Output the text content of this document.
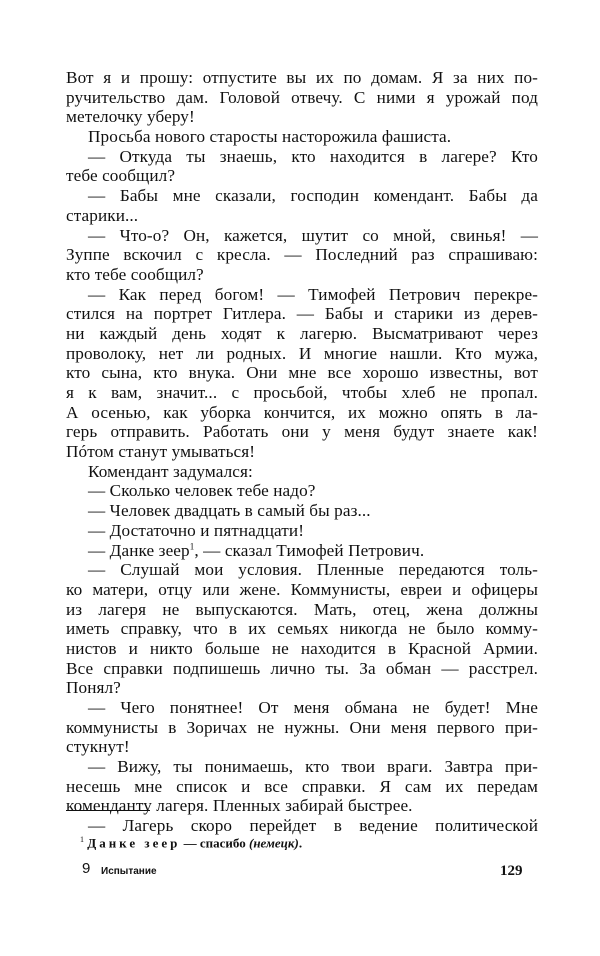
Вот я и прошу: отпустите вы их по домам. Я за них по-
ручительство дам. Головой отвечу. С ними я урожай под
метелочку уберу!
Просьба нового старосты насторожила фашиста.
— Откуда ты знаешь, кто находится в лагере? Кто
тебе сообщил?
— Бабы мне сказали, господин комендант. Бабы да
старики...
— Что-о? Он, кажется, шутит со мной, свинья! —
Зуппе вскочил с кресла. — Последний раз спрашиваю:
кто тебе сообщил?
— Как перед богом! — Тимофей Петрович перекре-
стился на портрет Гитлера. — Бабы и старики из дерев-
ни каждый день ходят к лагерю. Высматривают через
проволоку, нет ли родных. И многие нашли. Кто мужа,
кто сына, кто внука. Они мне все хорошо известны, вот
я к вам, значит... с просьбой, чтобы хлеб не пропал.
А осенью, как уборка кончится, их можно опять в ла-
герь отправить. Работать они у меня будут знаете как!
Пóтом станут умываться!
Комендант задумался:
— Сколько человек тебе надо?
— Человек двадцать в самый бы раз...
— Достаточно и пятнадцати!
— Данке зеер$^1$, — сказал Тимофей Петрович.
— Слушай мои условия. Пленные передаются толь-
ко матери, отцу или жене. Коммунисты, евреи и офицеры
из лагеря не выпускаются. Мать, отец, жена должны
иметь справку, что в их семьях никогда не было комму-
нистов и никто больше не находится в Красной Армии.
Все справки подпишешь лично ты. За обман — расстрел.
Понял?
— Чего понятнее! От меня обмана не будет! Мне
коммунисты в Зоричах не нужны. Они меня первого при-
стукнут!
— Вижу, ты понимаешь, кто твои враги. Завтра при-
несешь мне список и все справки. Я сам их передам
коменданту лагеря. Пленных забирай быстрее.
— Лагерь скоро перейдет в ведение политической
$^1$ Данке зеер — спасибо (немецк).
9 Испытание	129
